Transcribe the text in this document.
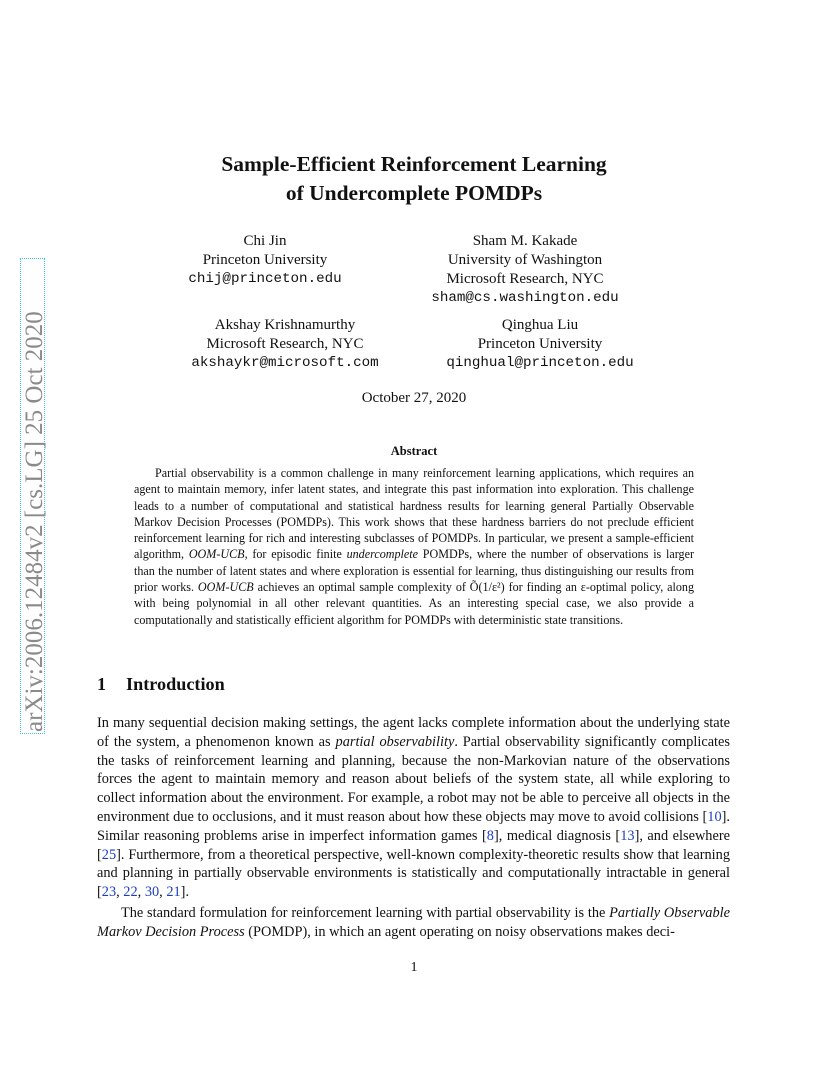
arXiv:2006.12484v2 [cs.LG] 25 Oct 2020
Sample-Efficient Reinforcement Learning
of Undercomplete POMDPs
Chi Jin
Princeton University
chij@princeton.edu
Sham M. Kakade
University of Washington
Microsoft Research, NYC
sham@cs.washington.edu
Akshay Krishnamurthy
Microsoft Research, NYC
akshaykr@microsoft.com
Qinghua Liu
Princeton University
qinghual@princeton.edu
October 27, 2020
Abstract

Partial observability is a common challenge in many reinforcement learning applications, which requires an agent to maintain memory, infer latent states, and integrate this past information into exploration. This challenge leads to a number of computational and statistical hardness results for learning general Partially Observable Markov Decision Processes (POMDPs). This work shows that these hardness barriers do not preclude efficient reinforcement learning for rich and interesting subclasses of POMDPs. In particular, we present a sample-efficient algorithm, OOM-UCB, for episodic finite undercomplete POMDPs, where the number of observations is larger than the number of latent states and where exploration is essential for learning, thus distinguishing our results from prior works. OOM-UCB achieves an optimal sample complexity of Õ(1/ε²) for finding an ε-optimal policy, along with being polynomial in all other relevant quantities. As an interesting special case, we also provide a computationally and statistically efficient algorithm for POMDPs with deterministic state transitions.

1 Introduction

In many sequential decision making settings, the agent lacks complete information about the underlying state of the system, a phenomenon known as partial observability. Partial observability significantly complicates the tasks of reinforcement learning and planning, because the non-Markovian nature of the observations forces the agent to maintain memory and reason about beliefs of the system state, all while exploring to collect information about the environment. For example, a robot may not be able to perceive all objects in the environment due to occlusions, and it must reason about how these objects may move to avoid collisions [10]. Similar reasoning problems arise in imperfect information games [8], medical diagnosis [13], and elsewhere [25]. Furthermore, from a theoretical perspective, well-known complexity-theoretic results show that learning and planning in partially observable environments is statistically and computationally intractable in general [23, 22, 30, 21].

The standard formulation for reinforcement learning with partial observability is the Partially Observable Markov Decision Process (POMDP), in which an agent operating on noisy observations makes deci-

1
